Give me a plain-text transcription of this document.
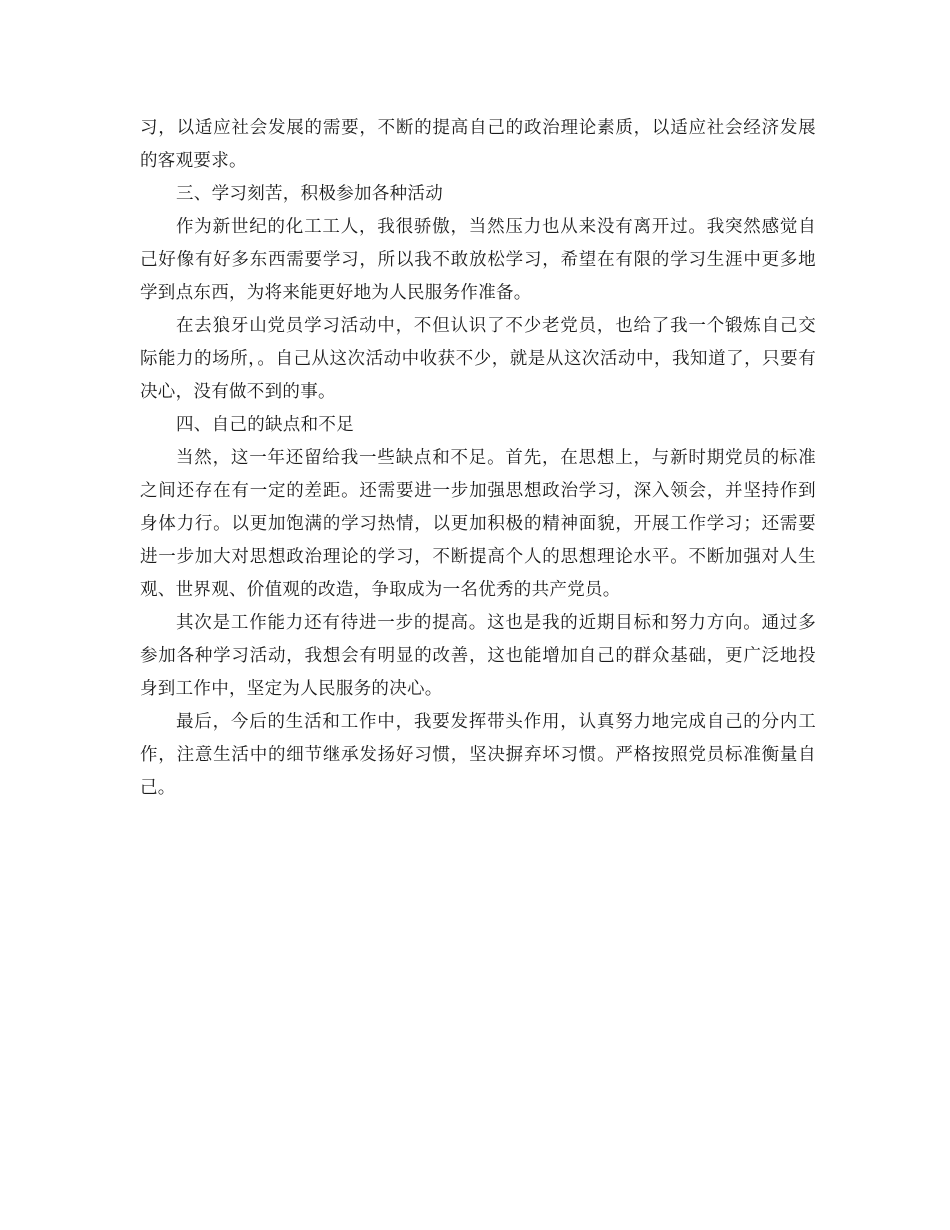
习，以适应社会发展的需要，不断的提高自己的政治理论素质，以适应社会经济发展的客观要求。

三、学习刻苦，积极参加各种活动

作为新世纪的化工工人，我很骄傲，当然压力也从来没有离开过。我突然感觉自己好像有好多东西需要学习，所以我不敢放松学习，希望在有限的学习生涯中更多地学到点东西，为将来能更好地为人民服务作准备。

在去狼牙山党员学习活动中，不但认识了不少老党员，也给了我一个锻炼自己交际能力的场所，。自己从这次活动中收获不少，就是从这次活动中，我知道了，只要有决心，没有做不到的事。

四、自己的缺点和不足

当然，这一年还留给我一些缺点和不足。首先，在思想上，与新时期党员的标准之间还存在有一定的差距。还需要进一步加强思想政治学习，深入领会，并坚持作到身体力行。以更加饱满的学习热情，以更加积极的精神面貌，开展工作学习；还需要进一步加大对思想政治理论的学习，不断提高个人的思想理论水平。不断加强对人生观、世界观、价值观的改造，争取成为一名优秀的共产党员。

其次是工作能力还有待进一步的提高。这也是我的近期目标和努力方向。通过多参加各种学习活动，我想会有明显的改善，这也能增加自己的群众基础，更广泛地投身到工作中，坚定为人民服务的决心。

最后，今后的生活和工作中，我要发挥带头作用，认真努力地完成自己的分内工作，注意生活中的细节继承发扬好习惯，坚决摒弃坏习惯。严格按照党员标准衡量自己。
